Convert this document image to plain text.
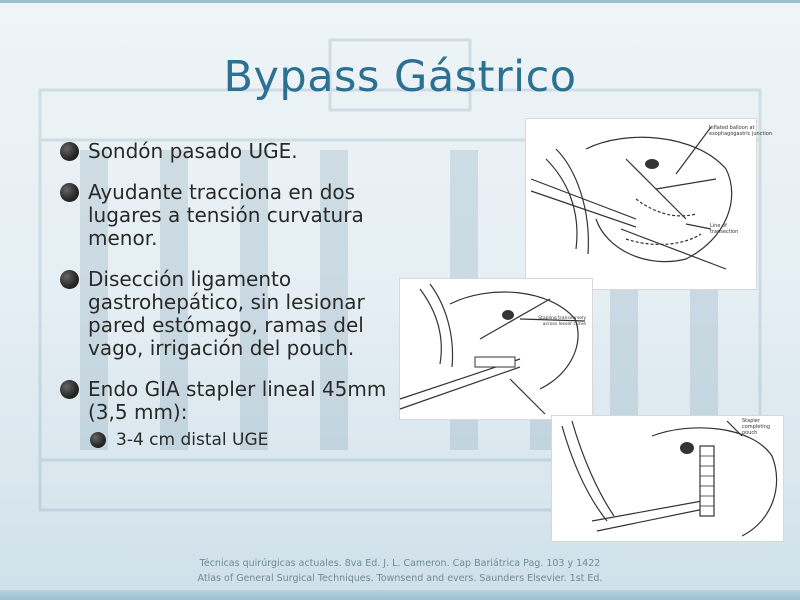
Bypass Gástrico
Sondón pasado UGE.
Ayudante tracciona en dos lugares a tensión curvatura menor.
Disección ligamento gastrohepático, sin lesionar pared estómago, ramas del vago, irrigación del pouch.
Endo GIA stapler lineal 45mm (3,5 mm):
3-4 cm distal UGE
Inflated balloon at
esophagogastric junction
Line of
transection
Stapling transversely
across lesser curve
Stapler
completing
pouch
Técnicas quirúrgicas actuales. 8va Ed. J. L. Cameron. Cap Bariátrica Pag. 103 y 1422
Atlas of General Surgical Techniques. Townsend and evers. Saunders Elsevier. 1st Ed.
